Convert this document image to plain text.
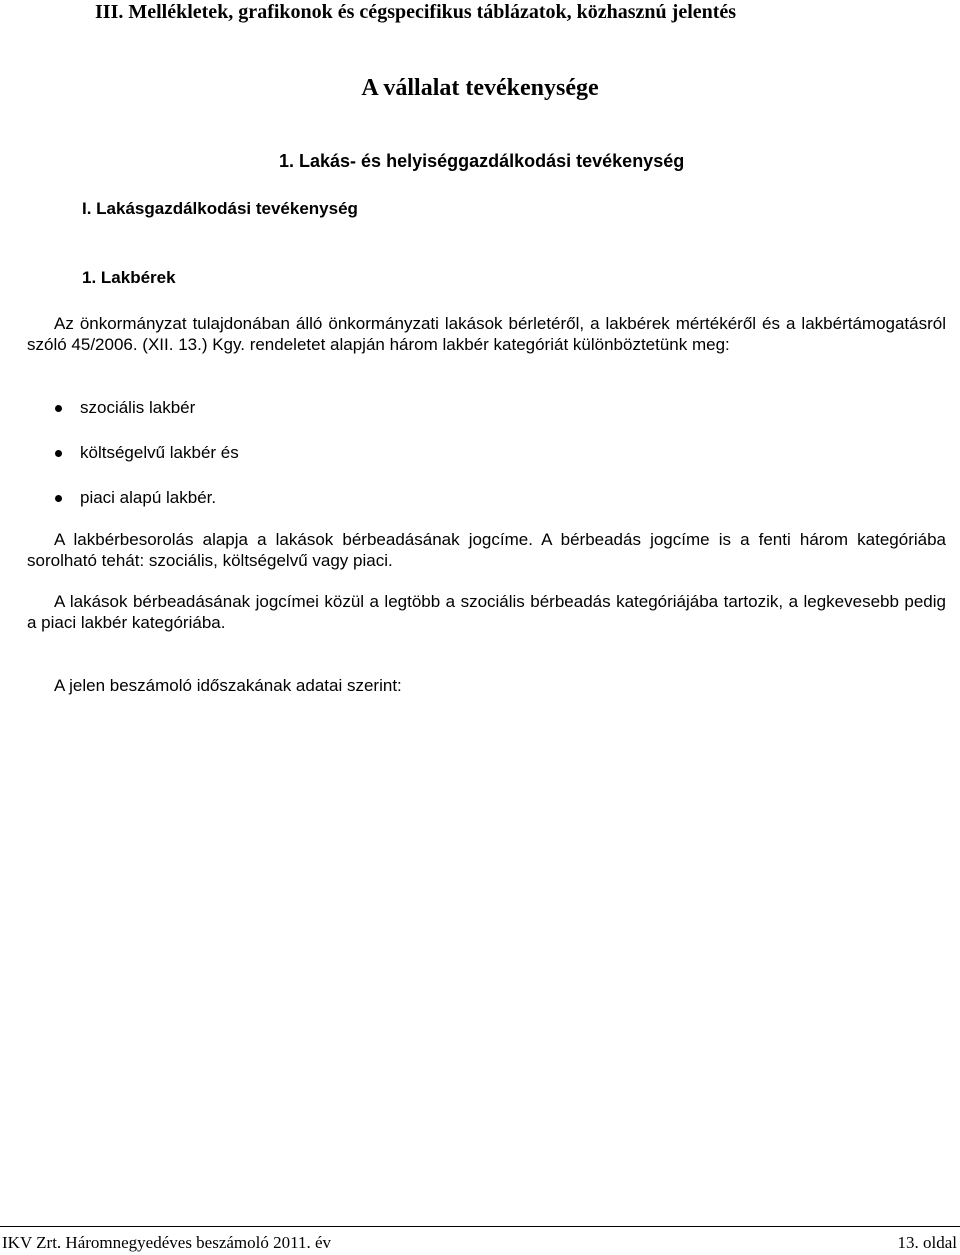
III. Mellékletek, grafikonok és cégspecifikus táblázatok, közhasznú jelentés
A vállalat tevékenysége
1. Lakás- és helyiséggazdálkodási tevékenység
I. Lakásgazdálkodási tevékenység
1. Lakbérek

Az önkormányzat tulajdonában álló önkormányzati lakások bérletéről, a lakbérek mértékéről és a lakbértámogatásról szóló 45/2006. (XII. 13.) Kgy. rendeletet alapján három lakbér kategóriát különböztetünk meg:

szociális lakbér
költségelvű lakbér és
piaci alapú lakbér.

A lakbérbesorolás alapja a lakások bérbeadásának jogcíme. A bérbeadás jogcíme is a fenti három kategóriába sorolható tehát: szociális, költségelvű vagy piaci.

A lakások bérbeadásának jogcímei közül a legtöbb a szociális bérbeadás kategóriájába tartozik, a legkevesebb pedig a piaci lakbér kategóriába.

A jelen beszámoló időszakának adatai szerint:

IKV Zrt. Háromnegyedéves beszámoló 2011. év	13. oldal
